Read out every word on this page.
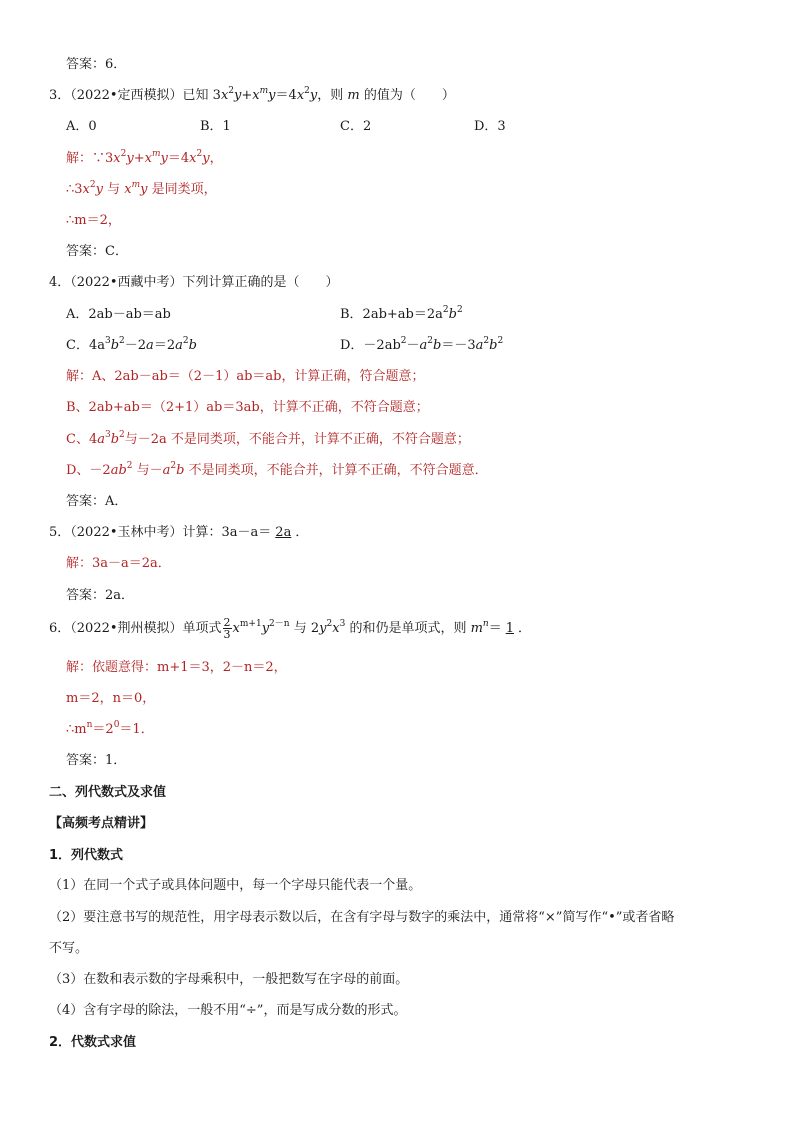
答案：6．
3．（2022•定西模拟）已知 $3x^2y+x^my=4x^2y$，则 m 的值为（　　）
A．0	B．1	C．2	D．3
解：$\because 3x^2y+x^my=4x^2y$，
$\therefore 3x^2y$ 与 $x^my$ 是同类项，
∴m＝2，
答案：C．
4．（2022•西藏中考）下列计算正确的是（　　）
A．2ab－ab＝ab	B．$2ab+ab=2a^2b^2$
C．$4a^3b^2-2a=2a^2b$	D．$-2ab^2-a^2b=-3a^2b^2$
解：A、2ab－ab＝（2－1）ab＝ab，计算正确，符合题意；
B、2ab+ab＝（2+1）ab＝3ab，计算不正确，不符合题意；
C、$4a^3b^2$与－2a 不是同类项，不能合并，计算不正确，不符合题意；
D、$-2ab^2$ 与$-a^2b$ 不是同类项，不能合并，计算不正确，不符合题意．
答案：A．
5．（2022•玉林中考）计算：3a－a＝ 2a ．
解：3a－a＝2a．
答案：2a．
6．（2022•荆州模拟）单项式 $\frac{2}{3} x^{m+1}y^{2-n}$ 与 $2y^2x^3$ 的和仍是单项式，则 $m^n= 1$ ．
解：依题意得：m+1＝3，2－n＝2，
m＝2，n＝0，
$\therefore m^n=2^0=1$．
答案：1．
二、列代数式及求值
【高频考点精讲】
1．列代数式
（1）在同一个式子或具体问题中，每一个字母只能代表一个量。
（2）要注意书写的规范性，用字母表示数以后，在含有字母与数字的乘法中，通常将“×”简写作“•”或者省略
不写。
（3）在数和表示数的字母乘积中，一般把数写在字母的前面。
（4）含有字母的除法，一般不用“÷”，而是写成分数的形式。
2．代数式求值
